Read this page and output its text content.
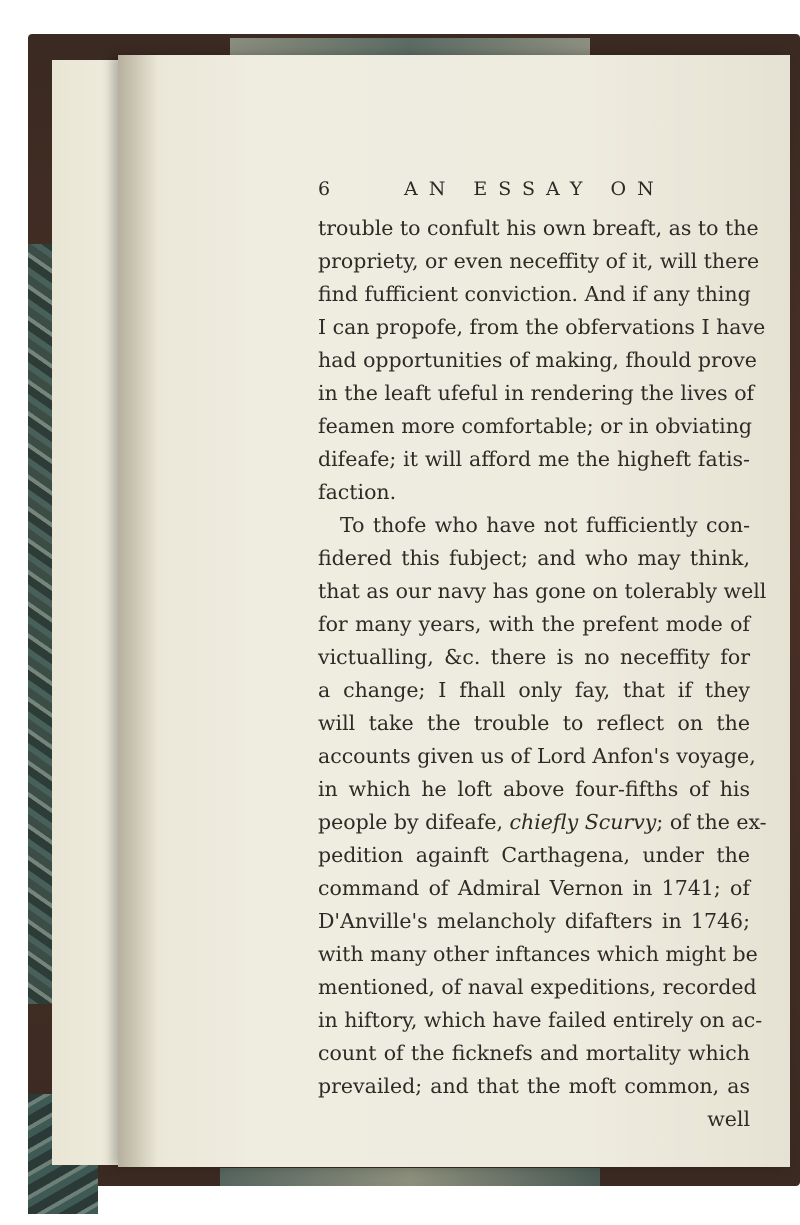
6	AN ESSAY ON
trouble to confult his own breaft, as to the
propriety, or even neceffity of it, will there
find fufficient conviction. And if any thing
I can propofe, from the obfervations I have
had opportunities of making, fhould prove
in the leaft ufeful in rendering the lives of
feamen more comfortable; or in obviating
difeafe; it will afford me the higheft fatis-
faction.
To thofe who have not fufficiently con-
fidered this fubject; and who may think,
that as our navy has gone on tolerably well
for many years, with the prefent mode of
victualling, &c. there is no neceffity for
a change; I fhall only fay, that if they
will take the trouble to reflect on the
accounts given us of Lord Anfon's voyage,
in which he loft above four-fifths of his
people by difeafe, chiefly Scurvy; of the ex-
pedition againft Carthagena, under the
command of Admiral Vernon in 1741; of
D'Anville's melancholy difafters in 1746;
with many other inftances which might be
mentioned, of naval expeditions, recorded
in hiftory, which have failed entirely on ac-
count of the ficknefs and mortality which
prevailed; and that the moft common, as
well
